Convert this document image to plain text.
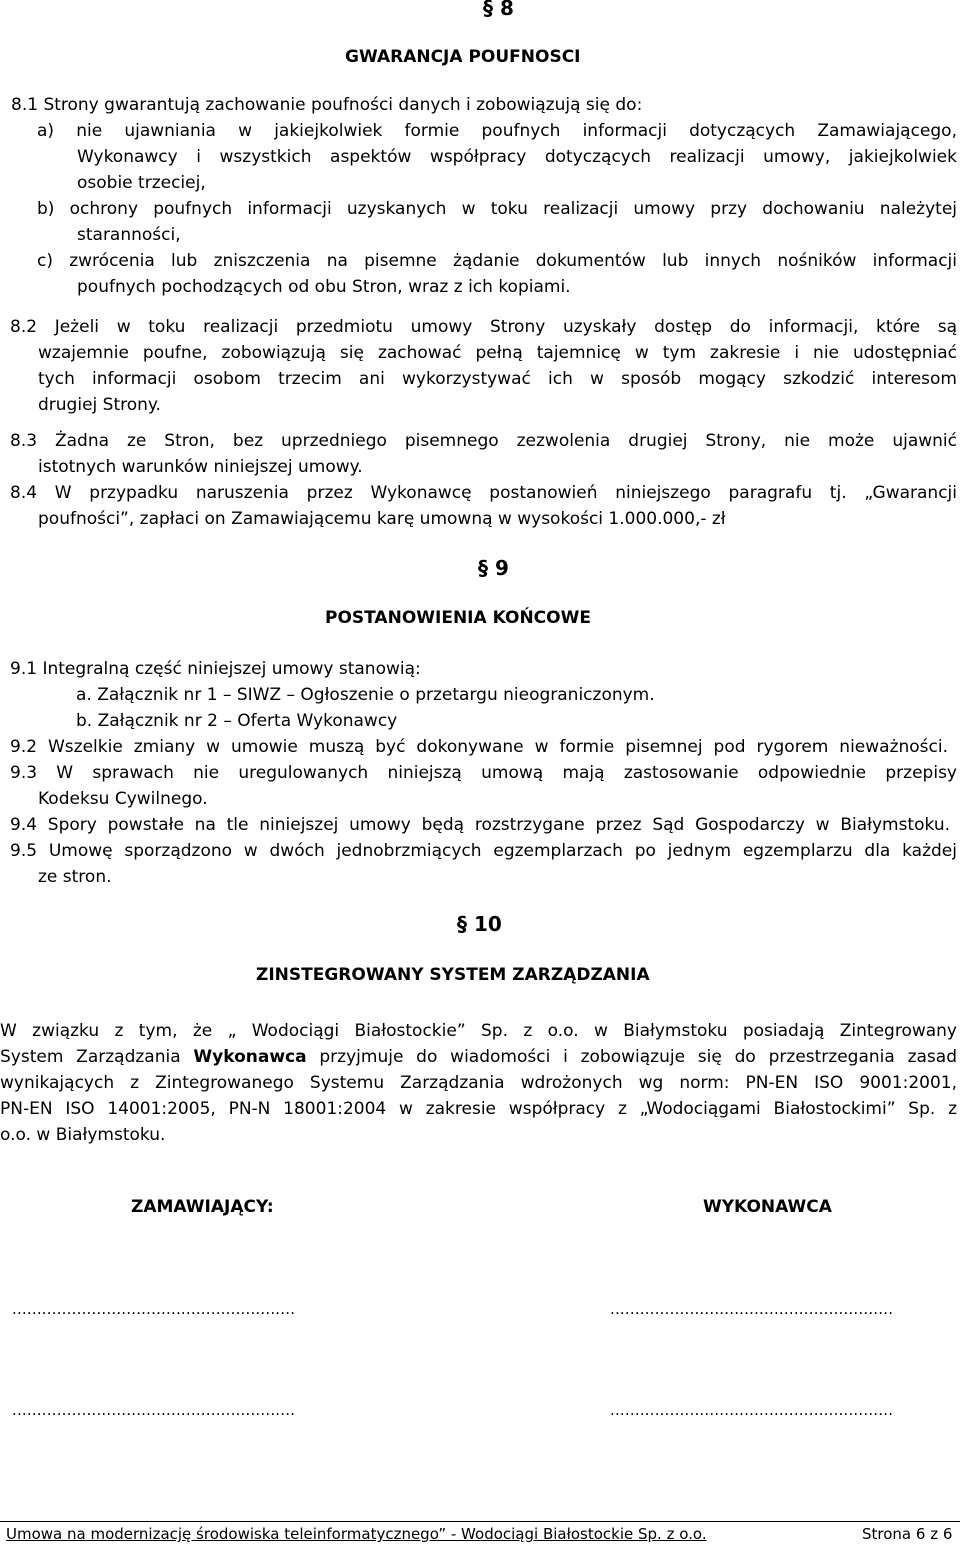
§ 8
GWARANCJA POUFNOSCI
8.1 Strony gwarantują zachowanie poufności danych i zobowiązują się do:
a) nie ujawniania w jakiejkolwiek formie poufnych informacji dotyczących Zamawiającego,
Wykonawcy i wszystkich aspektów współpracy dotyczących realizacji umowy, jakiejkolwiek
osobie trzeciej,
b) ochrony poufnych informacji uzyskanych w toku realizacji umowy przy dochowaniu należytej
staranności,
c) zwrócenia lub zniszczenia na pisemne żądanie dokumentów lub innych nośników informacji
poufnych pochodzących od obu Stron, wraz z ich kopiami.
8.2 Jeżeli w toku realizacji przedmiotu umowy Strony uzyskały dostęp do informacji, które są
wzajemnie poufne, zobowiązują się zachować pełną tajemnicę w tym zakresie i nie udostępniać
tych informacji osobom trzecim ani wykorzystywać ich w sposób mogący szkodzić interesom
drugiej Strony.
8.3 Żadna ze Stron, bez uprzedniego pisemnego zezwolenia drugiej Strony, nie może ujawnić
istotnych warunków niniejszej umowy.
8.4 W przypadku naruszenia przez Wykonawcę postanowień niniejszego paragrafu tj. „Gwarancji
poufności”, zapłaci on Zamawiającemu karę umowną w wysokości 1.000.000,- zł
§ 9
POSTANOWIENIA KOŃCOWE
9.1 Integralną część niniejszej umowy stanowią:
a. Załącznik nr 1 – SIWZ – Ogłoszenie o przetargu nieograniczonym.
b. Załącznik nr 2 – Oferta Wykonawcy
9.2 Wszelkie zmiany w umowie muszą być dokonywane w formie pisemnej pod rygorem nieważności.
9.3 W sprawach nie uregulowanych niniejszą umową mają zastosowanie odpowiednie przepisy
Kodeksu Cywilnego.
9.4 Spory powstałe na tle niniejszej umowy będą rozstrzygane przez Sąd Gospodarczy w Białymstoku.
9.5 Umowę sporządzono w dwóch jednobrzmiących egzemplarzach po jednym egzemplarzu dla każdej
ze stron.
§ 10
ZINSTEGROWANY SYSTEM ZARZĄDZANIA
W związku z tym, że „ Wodociągi Białostockie” Sp. z o.o. w Białymstoku posiadają Zintegrowany
System Zarządzania Wykonawca przyjmuje do wiadomości i zobowiązuje się do przestrzegania zasad
wynikających z Zintegrowanego Systemu Zarządzania wdrożonych wg norm: PN-EN ISO 9001:2001,
PN-EN ISO 14001:2005, PN-N 18001:2004 w zakresie współpracy z „Wodociągami Białostockimi” Sp. z
o.o. w Białymstoku.
ZAMAWIAJĄCY:	WYKONAWCA
.........................................................	.........................................................
.........................................................	.........................................................
Umowa na modernizację środowiska teleinformatycznego” - Wodociągi Białostockie Sp. z o.o.	Strona 6 z 6
